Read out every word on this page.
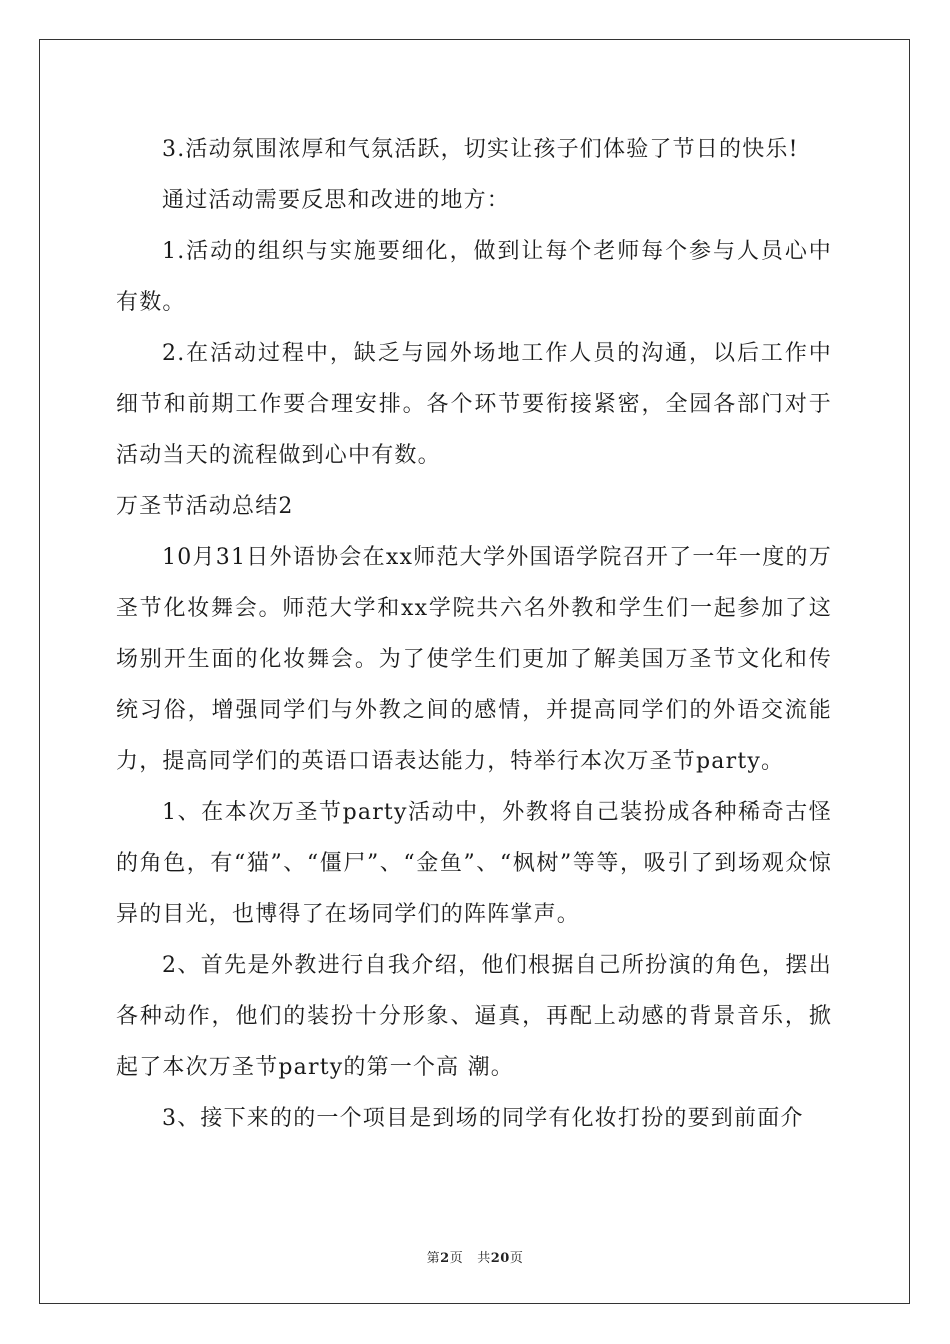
3.活动氛围浓厚和气氛活跃，切实让孩子们体验了节日的快乐!

通过活动需要反思和改进的地方：

1.活动的组织与实施要细化，做到让每个老师每个参与人员心中有数。

2.在活动过程中，缺乏与园外场地工作人员的沟通，以后工作中细节和前期工作要合理安排。各个环节要衔接紧密，全园各部门对于活动当天的流程做到心中有数。

万圣节活动总结2

10月31日外语协会在xx师范大学外国语学院召开了一年一度的万圣节化妆舞会。师范大学和xx学院共六名外教和学生们一起参加了这场别开生面的化妆舞会。为了使学生们更加了解美国万圣节文化和传统习俗，增强同学们与外教之间的感情，并提高同学们的外语交流能力，提高同学们的英语口语表达能力，特举行本次万圣节party。

1、在本次万圣节party活动中，外教将自己装扮成各种稀奇古怪的角色，有“猫”、“僵尸”、“金鱼”、“枫树”等等，吸引了到场观众惊异的目光，也博得了在场同学们的阵阵掌声。

2、首先是外教进行自我介绍，他们根据自己所扮演的角色，摆出各种动作，他们的装扮十分形象、逼真，再配上动感的背景音乐，掀起了本次万圣节party的第一个高 潮。

3、接下来的的一个项目是到场的同学有化妆打扮的要到前面介

第2页 共20页
